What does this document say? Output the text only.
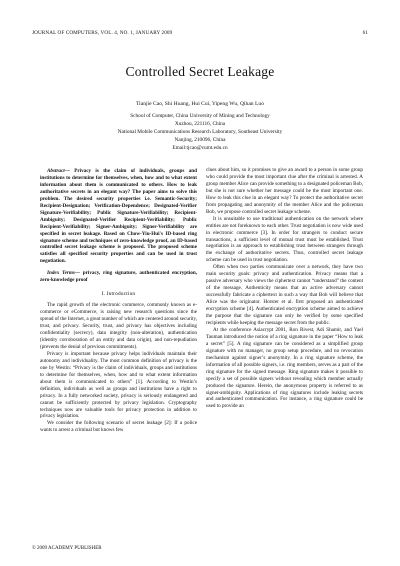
JOURNAL OF COMPUTERS, VOL. 4, NO. 1, JANUARY 2009	61
Controlled Secret Leakage
Tianjie Cao, Shi Huang, Hui Cui, Yipeng Wu, Qihan Luo
School of Computer, China University of Mining and Technology
Xuzhou, 221116, China
National Mobile Communications Research Laboratory, Southeast University
Nanjing, 210096, China
Email:tjcao@cumt.edu.cn

Abstract— Privacy is the claim of individuals, groups and institutions to determine for themselves, when, how and to what extent information about them is communicated to others. How to leak authoritative secrets in an elegant way? The paper aims to solve this problem. The desired security properties i.e. Semantic-Security; Recipient-Designation; Verification-Dependence; Designated-Verifier Signature-Verifiability; Public Signature-Verifiability; Recipient-Ambiguity; Designated-Verifier Recipient-Verifiability; Public Recipient-Verifiability; Signer-Ambiguity; Signer-Verifiability are specified in secret leakage. Based on Chow-Yiu-Hui's ID-based ring signature scheme and techniques of zero-knowledge proof, an ID-based controlled secret leakage scheme is proposed. The proposed scheme satisfies all specified security properties and can be used in trust negotiation.

Index Terms— privacy, ring signature, authenticated encryption, zero-knowledge proof

I. Introduction

The rapid growth of the electronic commerce, commonly known as e-commerce or eCommerce, is raising new research questions since the spread of the Internet, a great number of which are centered around security, trust, and privacy. Security, trust, and privacy has objectives including confidentiality (secrecy), data integrity (non-alteration), authentication (identity corroboration of an entity and data origin), and non-repudiation (prevents the denial of previous commitments).

Privacy is important because privacy helps individuals maintain their autonomy and individuality. The most common definition of privacy is the one by Westin: “Privacy is the claim of individuals, groups and institutions to determine for themselves, when, how and to what extent information about them is communicated to others” [1]. According to Westin’s definition, individuals as well as groups and institutions have a right to privacy. In a fully networked society, privacy is seriously endangered and cannot be sufficiently protected by privacy legislation. Cryptography techniques now are valuable tools for privacy protection in addition to privacy legislation.

We consider the following scenario of secret leakage [2]: If a police wants to arrest a criminal but knows few

clues about him, so it promises to give an award to a person in some group who could provide the most important clue after the criminal is arrested. A group member Alice can provide something to a designated policeman Bob, but she is not sure whether her message could be the most important one. How to leak this clue in an elegant way? To protect the authoritative secret from propagating and anonymity of the member Alice and the policeman Bob, we propose controlled secret leakage scheme.

It is unsuitable to use traditional authentication on the network where entities are not foreknown to each other. Trust negotiation is now wide used in electronic commerce [3]. In order for strangers to conduct secure transactions, a sufficient level of mutual trust must be established. Trust negotiation is an approach to establishing trust between strangers through the exchange of authoritative secrets. Thus, controlled secret leakage scheme can be used in trust negotiation.

Often when two parties communicate over a network, they have two main security goals: privacy and authentication. Privacy means that a passive adversary who views the ciphertext cannot “understand” the content of the message. Authenticity means that an active adversary cannot successfully fabricate a ciphertext in such a way that Bob will believe that Alice was the originator. Horster et al. first proposed an authenticated encryption scheme [4]. Authenticated encryption scheme aimed to achieve the purpose that the signature can only be verified by some specified recipients while keeping the message secret from the public.

At the conference Asiacrypt 2001, Ron Rivest, Adi Shamir, and Yael Tauman introduced the notion of a ring signature in the paper “How to leak a secret” [5]. A ring signature can be considered as a simplified group signature with no manager, no group setup procedure, and no revocation mechanism against signer’s anonymity. In a ring signature scheme, the information of all possible signers, i.e. ring members, serves as a part of the ring signature for the signed message. Ring signature makes it possible to specify a set of possible signers without revealing which member actually produced the signature. Herein, the anonymous property is referred to as signer-ambiguity. Applications of ring signatures include leaking secrets and authenticated communication. For instance, a ring signature could be used to provide an

© 2009 ACADEMY PUBLISHER
